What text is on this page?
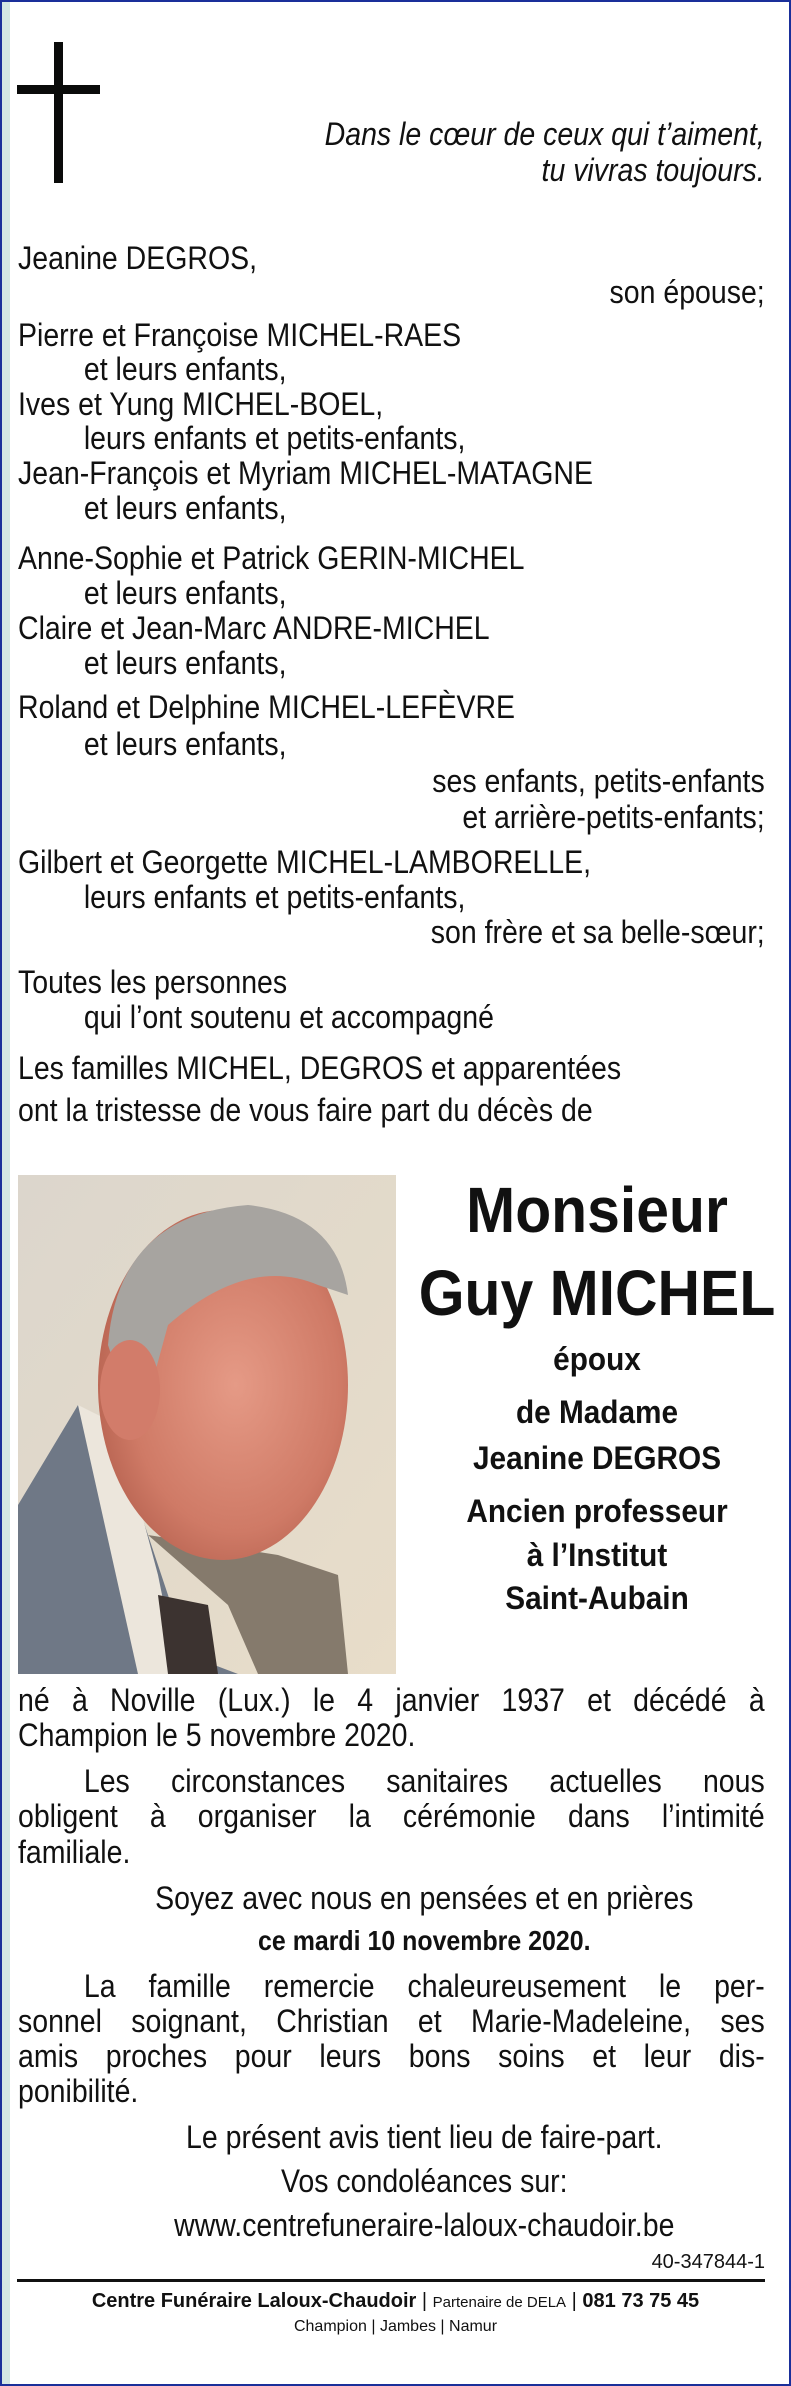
Dans le cœur de ceux qui t’aiment,
tu vivras toujours.
Jeanine DEGROS,
son épouse;
Pierre et Françoise MICHEL-RAES
et leurs enfants,
Ives et Yung MICHEL-BOEL,
leurs enfants et petits-enfants,
Jean-François et Myriam MICHEL-MATAGNE
et leurs enfants,
Anne-Sophie et Patrick GERIN-MICHEL
et leurs enfants,
Claire et Jean-Marc ANDRE-MICHEL
et leurs enfants,
Roland et Delphine MICHEL-LEFÈVRE
et leurs enfants,
ses enfants, petits-enfants
et arrière-petits-enfants;
Gilbert et Georgette MICHEL-LAMBORELLE,
leurs enfants et petits-enfants,
son frère et sa belle-sœur;
Toutes les personnes
qui l’ont soutenu et accompagné
Les familles MICHEL, DEGROS et apparentées
ont la tristesse de vous faire part du décès de
Monsieur
Guy MICHEL
époux
de Madame
Jeanine DEGROS
Ancien professeur
à l’Institut
Saint-Aubain
né à Noville (Lux.) le 4 janvier 1937 et décédé à
Champion le 5 novembre 2020.
Les circonstances sanitaires actuelles nous
obligent à organiser la cérémonie dans l’intimité
familiale.
Soyez avec nous en pensées et en prières
ce mardi 10 novembre 2020.
La famille remercie chaleureusement le per-
sonnel soignant, Christian et Marie-Madeleine, ses
amis proches pour leurs bons soins et leur dis-
ponibilité.
Le présent avis tient lieu de faire-part.
Vos condoléances sur:
www.centrefuneraire-laloux-chaudoir.be
40-347844-1
Centre Funéraire Laloux-Chaudoir | Partenaire de DELA | 081 73 75 45
Champion | Jambes | Namur
